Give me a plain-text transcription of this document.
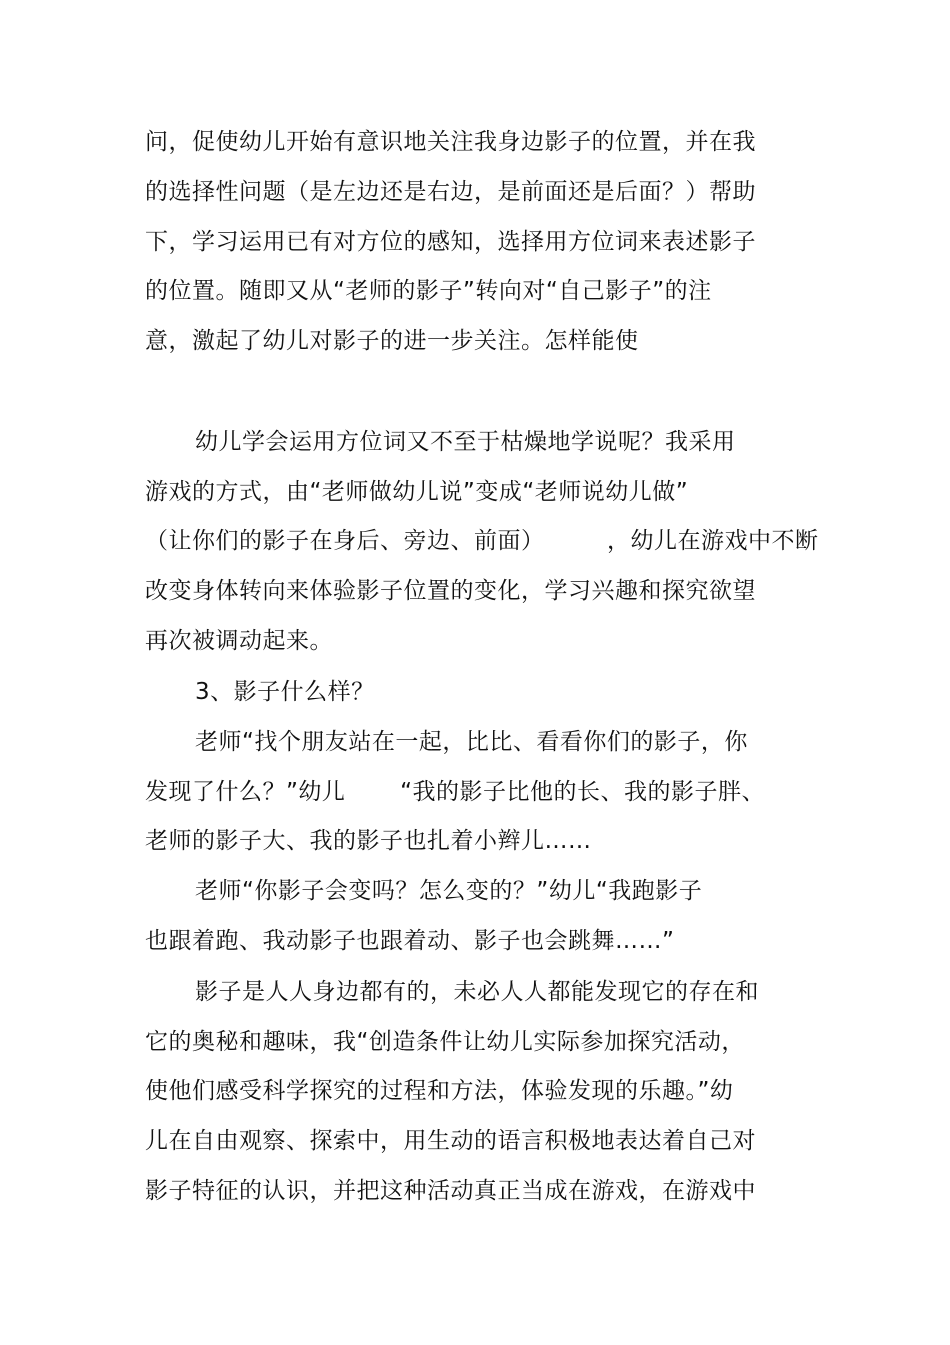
问，促使幼儿开始有意识地关注我身边影子的位置，并在我
的选择性问题（是左边还是右边，是前面还是后面？）帮助
下，学习运用已有对方位的感知，选择用方位词来表述影子
的位置。随即又从“老师的影子”转向对“自己影子”的注
意，激起了幼儿对影子的进一步关注。怎样能使
幼儿学会运用方位词又不至于枯燥地学说呢？我采用
游戏的方式，由“老师做幼儿说”变成“老师说幼儿做”
（让你们的影子在身后、旁边、前面）        ，幼儿在游戏中不断
改变身体转向来体验影子位置的变化，学习兴趣和探究欲望
再次被调动起来。
3、影子什么样？
老师“找个朋友站在一起，比比、看看你们的影子，你
发现了什么？”幼儿       “我的影子比他的长、我的影子胖、
老师的影子大、我的影子也扎着小辫儿……
老师“你影子会变吗？怎么变的？”幼儿“我跑影子
也跟着跑、我动影子也跟着动、影子也会跳舞……”
影子是人人身边都有的，未必人人都能发现它的存在和
它的奥秘和趣味，我“创造条件让幼儿实际参加探究活动，
使他们感受科学探究的过程和方法，体验发现的乐趣。”幼
儿在自由观察、探索中，用生动的语言积极地表达着自己对
影子特征的认识，并把这种活动真正当成在游戏，在游戏中
